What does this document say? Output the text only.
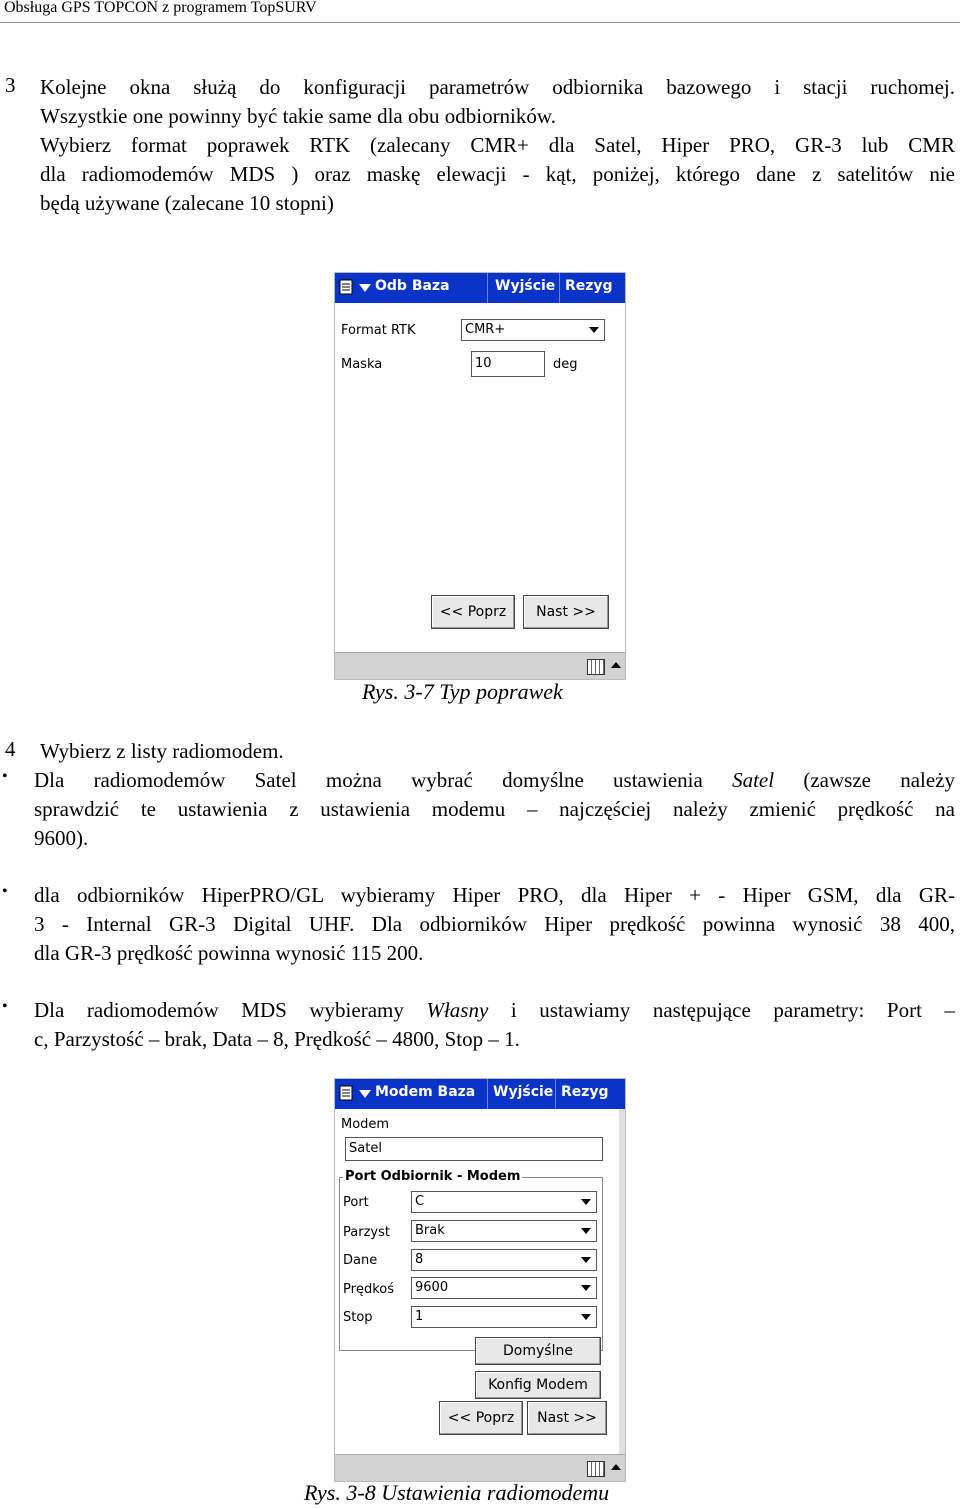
Obsługa GPS TOPCON z programem TopSURV
3 Kolejne okna służą do konfiguracji parametrów odbiornika bazowego i stacji ruchomej.
Wszystkie one powinny być takie same dla obu odbiorników.
Wybierz format poprawek RTK (zalecany CMR+ dla Satel, Hiper PRO, GR-3 lub CMR
dla radiomodemów MDS ) oraz maskę elewacji - kąt, poniżej, którego dane z satelitów nie
będą używane (zalecane 10 stopni)
Odb Baza	Wyjście Rezyg
Format RTK	CMR+
Maska	10	deg
<< Poprz	Nast >>
Rys. 3-7 Typ poprawek
4 Wybierz z listy radiomodem.
• Dla radiomodemów Satel można wybrać domyślne ustawienia Satel (zawsze należy
sprawdzić te ustawienia z ustawienia modemu – najczęściej należy zmienić prędkość na
9600).
• dla odbiorników HiperPRO/GL wybieramy Hiper PRO, dla Hiper + - Hiper GSM, dla GR-
3 - Internal GR-3 Digital UHF. Dla odbiorników Hiper prędkość powinna wynosić 38 400,
dla GR-3 prędkość powinna wynosić 115 200.
• Dla radiomodemów MDS wybieramy Własny i ustawiamy następujące parametry: Port –
c, Parzystość – brak, Data – 8, Prędkość – 4800, Stop – 1.
Modem Baza Wyjście Rezyg
Modem
Satel
Port Odbiornik - Modem
Port	C
Parzyst	Brak
Dane	8
Prędkoś 9600
Stop	1
Domyślne
Konfig Modem
<< Poprz	Nast >>
Rys. 3-8 Ustawienia radiomodemu
